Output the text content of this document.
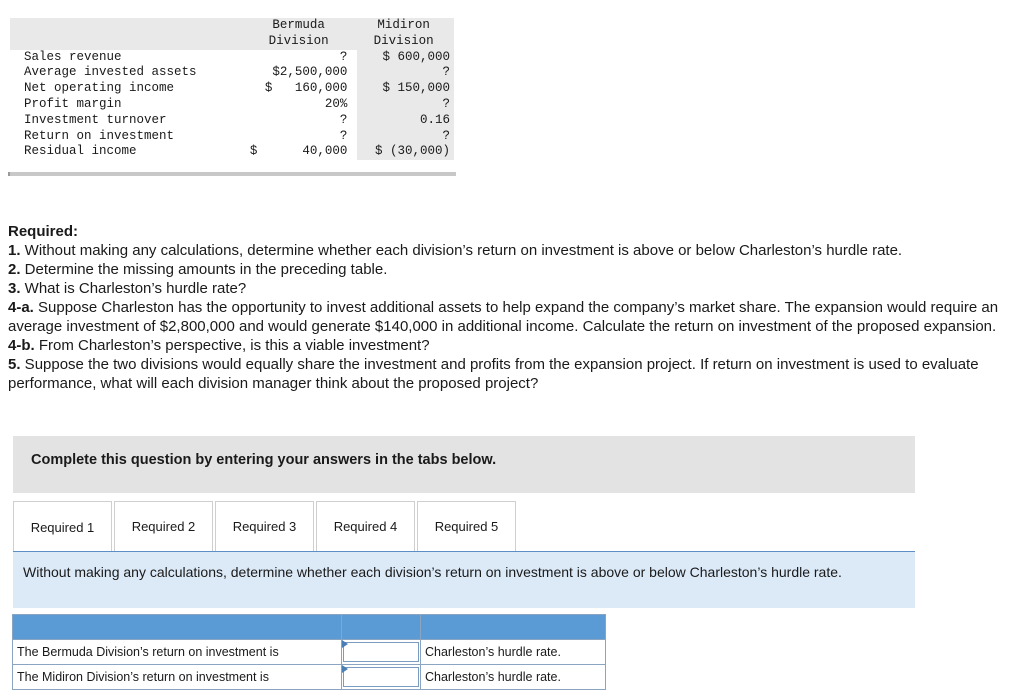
	Bermuda	Midiron
	Division	Division
Sales revenue	?	$ 600,000
Average invested assets	$2,500,000	?
Net operating income	$   160,000	$ 150,000
Profit margin	20%	?
Investment turnover	?	0.16
Return on investment	?	?
Residual income	$      40,000	$ (30,000)

Required:

1. Without making any calculations, determine whether each division’s return on investment is above or below Charleston’s hurdle rate.

2. Determine the missing amounts in the preceding table.

3. What is Charleston’s hurdle rate?

4-a. Suppose Charleston has the opportunity to invest additional assets to help expand the company’s market share. The expansion would require an average investment of $2,800,000 and would generate $140,000 in additional income. Calculate the return on investment of the proposed expansion.

4-b. From Charleston’s perspective, is this a viable investment?

5. Suppose the two divisions would equally share the investment and profits from the expansion project. If return on investment is used to evaluate performance, what will each division manager think about the proposed project?

Complete this question by entering your answers in the tabs below.
Required 1	Required 2	Required 3	Required 4	Required 5
Without making any calculations, determine whether each division’s return on investment is above or below Charleston’s hurdle rate.

The Bermuda Division’s return on investment is		Charleston’s hurdle rate.
The Midiron Division’s return on investment is		Charleston’s hurdle rate.
